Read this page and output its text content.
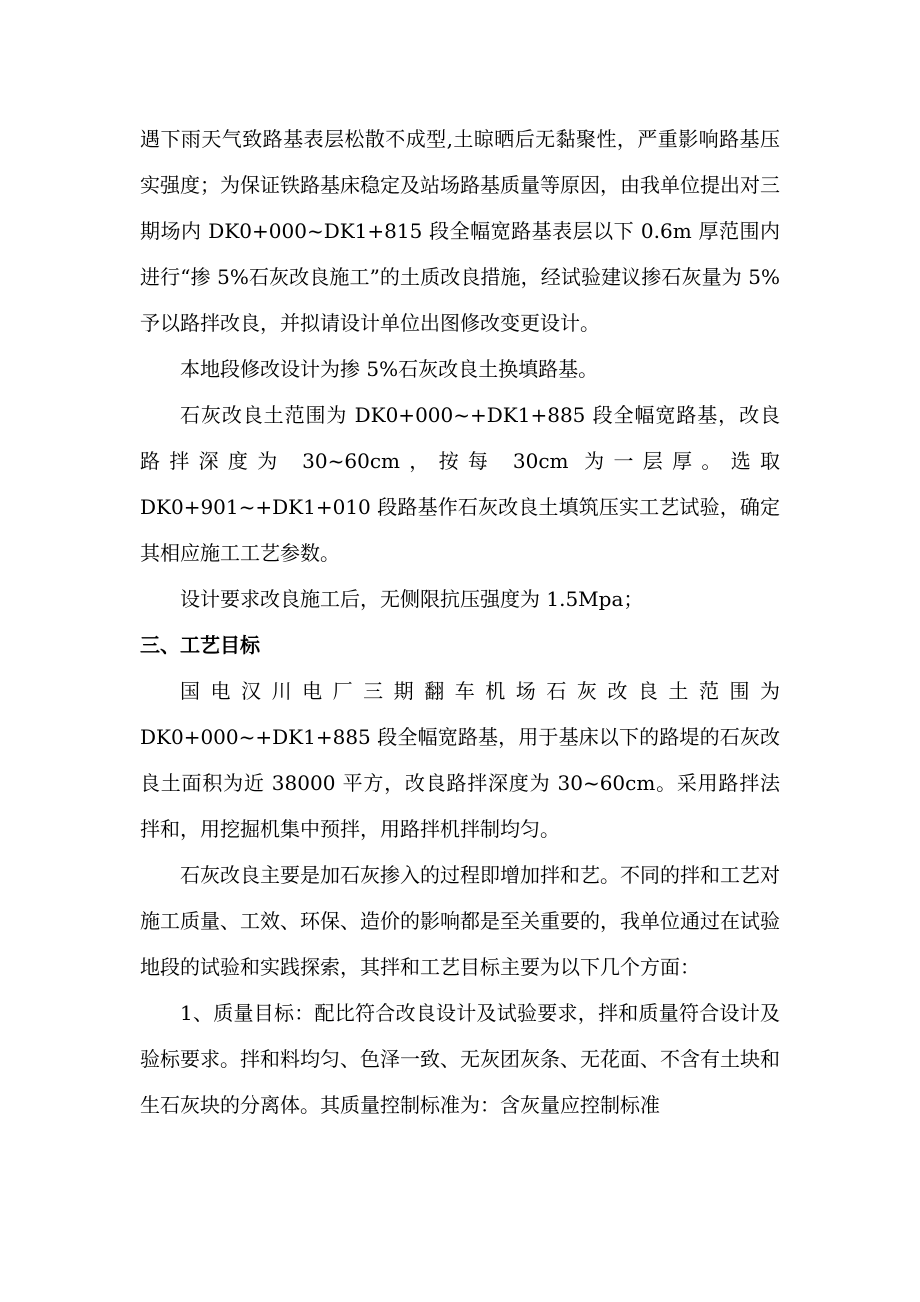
遇下雨天气致路基表层松散不成型,土晾晒后无黏聚性，严重影响路基压实强度；为保证铁路基床稳定及站场路基质量等原因，由我单位提出对三期场内 DK0+000~DK1+815 段全幅宽路基表层以下 0.6m 厚范围内进行“掺 5%石灰改良施工”的土质改良措施，经试验建议掺石灰量为 5%予以路拌改良，并拟请设计单位出图修改变更设计。

本地段修改设计为掺 5%石灰改良土换填路基。

石灰改良土范围为 DK0+000~+DK1+885 段全幅宽路基，改良路拌深度为 30~60cm，按每 30cm 为一层厚。选取 DK0+901~+DK1+010 段路基作石灰改良土填筑压实工艺试验，确定其相应施工工艺参数。

设计要求改良施工后，无侧限抗压强度为 1.5Mpa；

三、工艺目标

国电汉川电厂三期翻车机场石灰改良土范围为

DK0+000~+DK1+885 段全幅宽路基，用于基床以下的路堤的石灰改良土面积为近 38000 平方，改良路拌深度为 30~60cm。采用路拌法拌和，用挖掘机集中预拌，用路拌机拌制均匀。

石灰改良主要是加石灰掺入的过程即增加拌和艺。不同的拌和工艺对施工质量、工效、环保、造价的影响都是至关重要的，我单位通过在试验地段的试验和实践探索，其拌和工艺目标主要为以下几个方面：

1、质量目标：配比符合改良设计及试验要求，拌和质量符合设计及验标要求。拌和料均匀、色泽一致、无灰团灰条、无花面、不含有土块和生石灰块的分离体。其质量控制标准为：含灰量应控制标准
